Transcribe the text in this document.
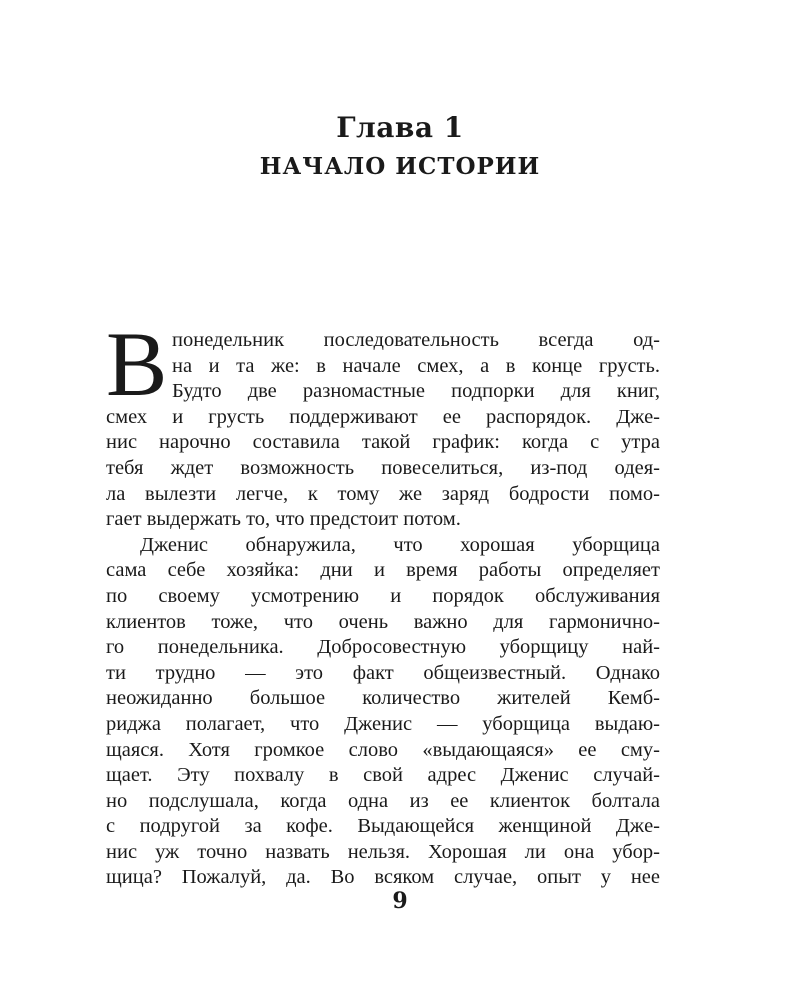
Глава 1
НАЧАЛО ИСТОРИИ
В понедельник последовательность всегда од-
на и та же: в начале смех, а в конце грусть.
Будто две разномастные подпорки для книг,
смех и грусть поддерживают ее распорядок. Дже-
нис нарочно составила такой график: когда с утра
тебя ждет возможность повеселиться, из-под одея-
ла вылезти легче, к тому же заряд бодрости помо-
гает выдержать то, что предстоит потом.
Дженис обнаружила, что хорошая уборщица
сама себе хозяйка: дни и время работы определяет
по своему усмотрению и порядок обслуживания
клиентов тоже, что очень важно для гармонично-
го понедельника. Добросовестную уборщицу най-
ти трудно — это факт общеизвестный. Однако
неожиданно большое количество жителей Кемб-
риджа полагает, что Дженис — уборщица выдаю-
щаяся. Хотя громкое слово «выдающаяся» ее сму-
щает. Эту похвалу в свой адрес Дженис случай-
но подслушала, когда одна из ее клиенток болтала
с подругой за кофе. Выдающейся женщиной Джe-
нис уж точно назвать нельзя. Хорошая ли она убор-
щица? Пожалуй, да. Во всяком случае, опыт у нее
9
